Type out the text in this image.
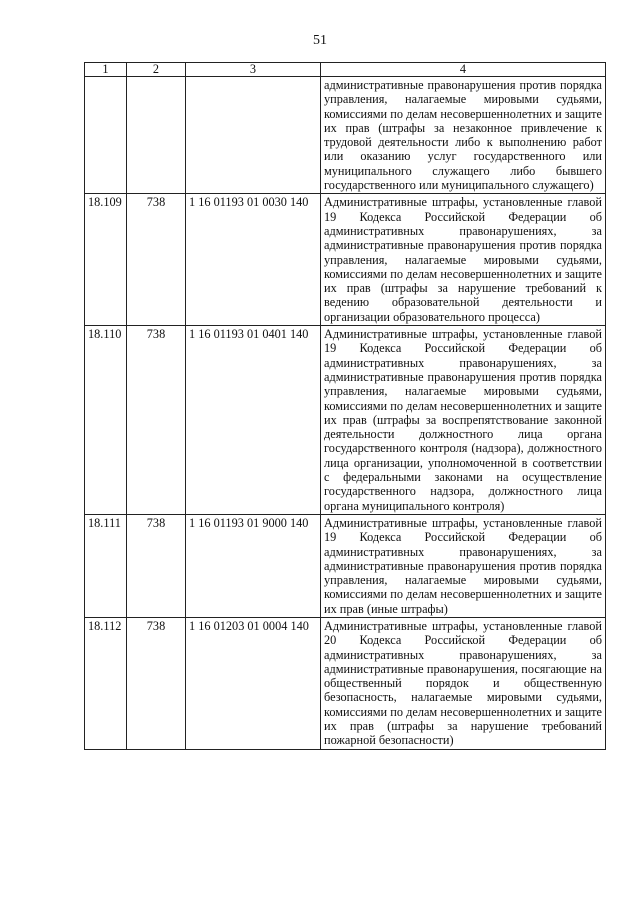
51
1	2	3	4
			административные правонарушения против порядка управления, налагаемые мировыми судьями, комиссиями по делам несовершеннолетних и защите их прав (штрафы за незаконное привлечение к трудовой деятельности либо к выполнению работ или оказанию услуг государственного или муниципального служащего либо бывшего государственного или муниципального служащего)
18.109	738	1 16 01193 01 0030 140	Административные штрафы, установленные главой 19 Кодекса Российской Федерации об административных правонарушениях, за административные правонарушения против порядка управления, налагаемые мировыми судьями, комиссиями по делам несовершеннолетних и защите их прав (штрафы за нарушение требований к ведению образовательной деятельности и организации образовательного процесса)
18.110	738	1 16 01193 01 0401 140	Административные штрафы, установленные главой 19 Кодекса Российской Федерации об административных правонарушениях, за административные правонарушения против порядка управления, налагаемые мировыми судьями, комиссиями по делам несовершеннолетних и защите их прав (штрафы за воспрепятствование законной деятельности должностного лица органа государственного контроля (надзора), должностного лица организации, уполномоченной в соответствии с федеральными законами на осуществление государственного надзора, должностного лица органа муниципального контроля)
18.111	738	1 16 01193 01 9000 140	Административные штрафы, установленные главой 19 Кодекса Российской Федерации об административных правонарушениях, за административные правонарушения против порядка управления, налагаемые мировыми судьями, комиссиями по делам несовершеннолетних и защите их прав (иные штрафы)
18.112	738	1 16 01203 01 0004 140	Административные штрафы, установленные главой 20 Кодекса Российской Федерации об административных правонарушениях, за административные правонарушения, посягающие на общественный порядок и общественную безопасность, налагаемые мировыми судьями, комиссиями по делам несовершеннолетних и защите их прав (штрафы за нарушение требований пожарной безопасности)
